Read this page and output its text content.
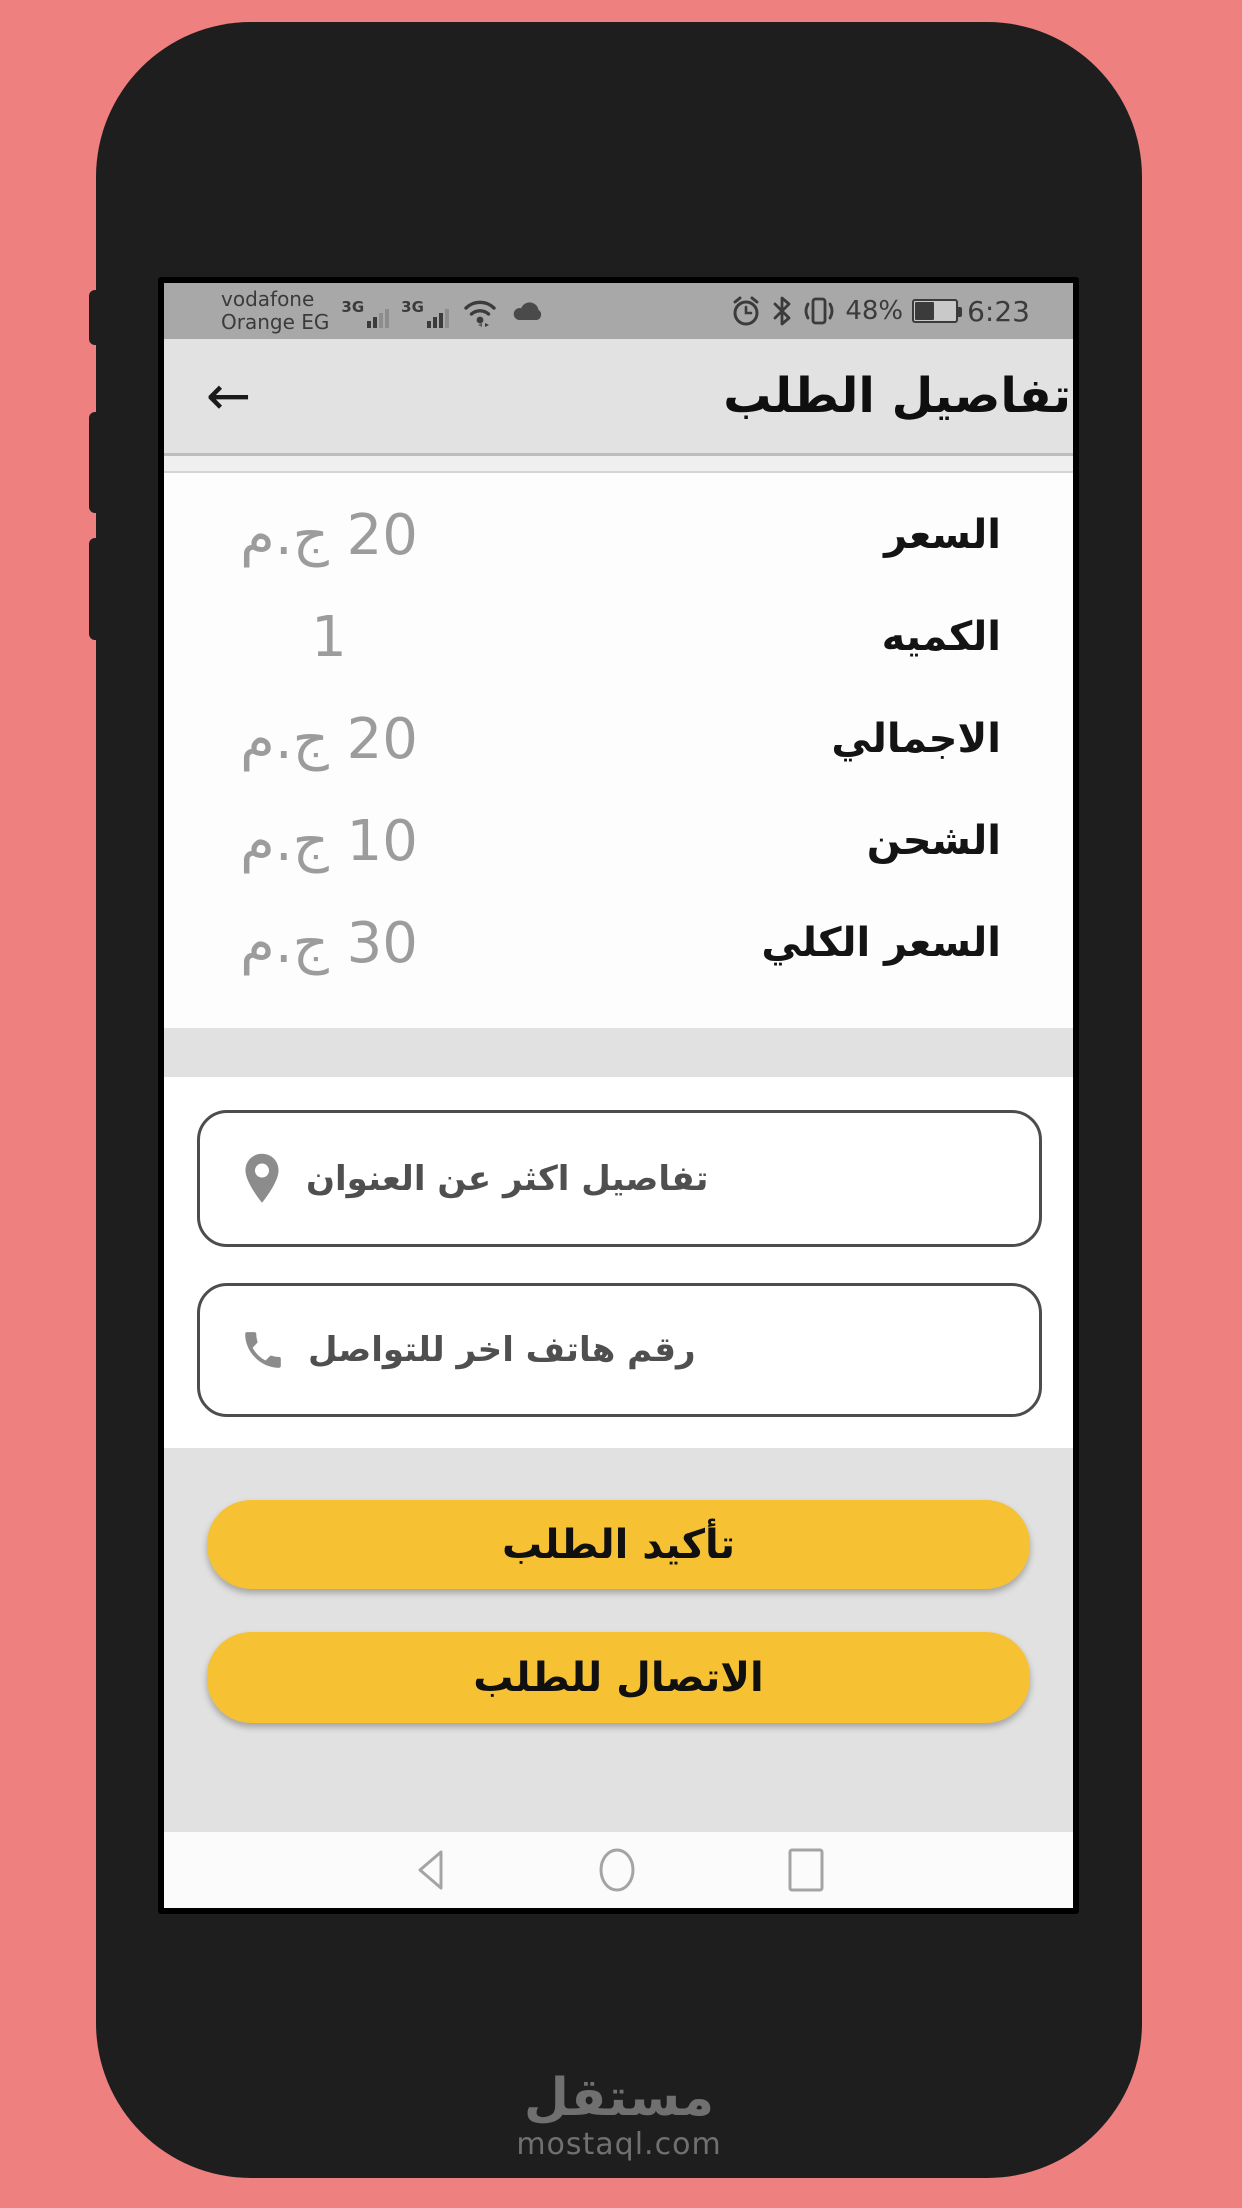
vodafone
Orange EG
3G 3G	48% 6:23
←	تفاصيل الطلب
20 ج.م	السعر
1	الكميه
20 ج.م	الاجمالي
10 ج.م	الشحن
30 ج.م	السعر الكلي
تفاصيل اكثر عن العنوان
رقم هاتف اخر للتواصل
تأكيد الطلب
الاتصال للطلب
مستقل
mostaql.com
